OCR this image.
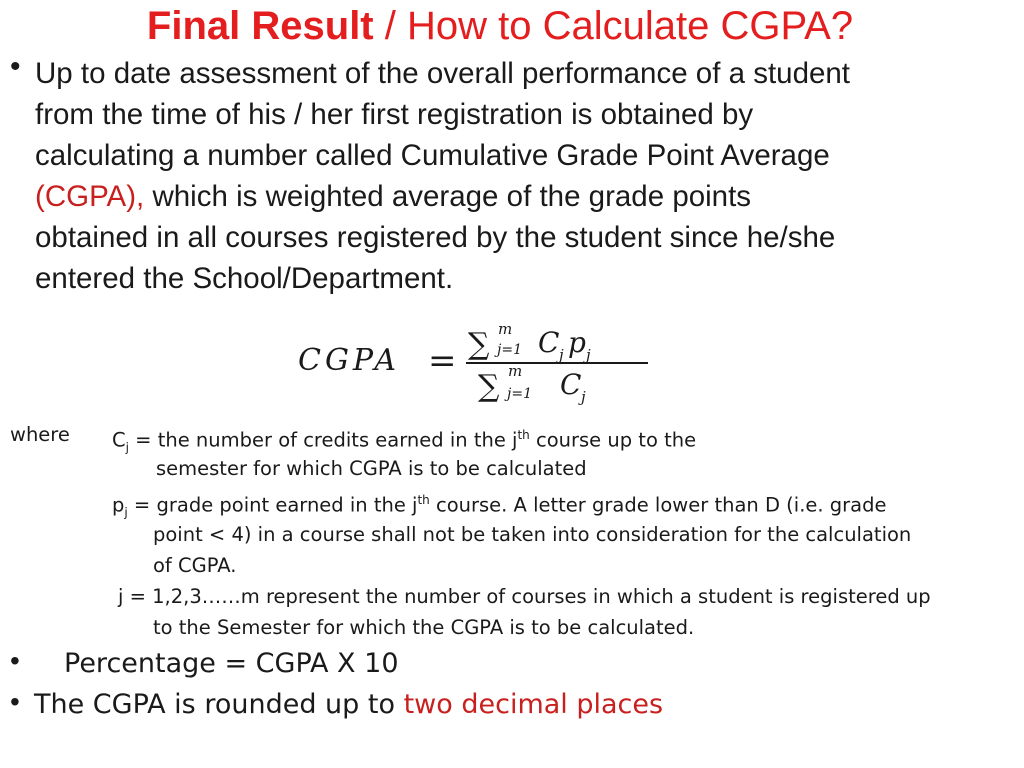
Final Result / How to Calculate CGPA?
• Up to date assessment of the overall performance of a student
from the time of his / her first registration is obtained by
calculating a number called Cumulative Grade Point Average
(CGPA), which is weighted average of the grade points
obtained in all courses registered by the student since he/she
entered the School/Department.
CGPA = ∑ m
j=1 C j p j
∑ m
j=1 C j
where $C_j$ = the number of credits earned in the $j^{th}$ course up to the
semester for which CGPA is to be calculated
$p_j$ = grade point earned in the $j^{th}$ course. A letter grade lower than D (i.e. grade
point < 4) in a course shall not be taken into consideration for the calculation
of CGPA.
j = 1,2,3……m represent the number of courses in which a student is registered up
to the Semester for which the CGPA is to be calculated.
• Percentage = CGPA X 10
• The CGPA is rounded up to two decimal places
